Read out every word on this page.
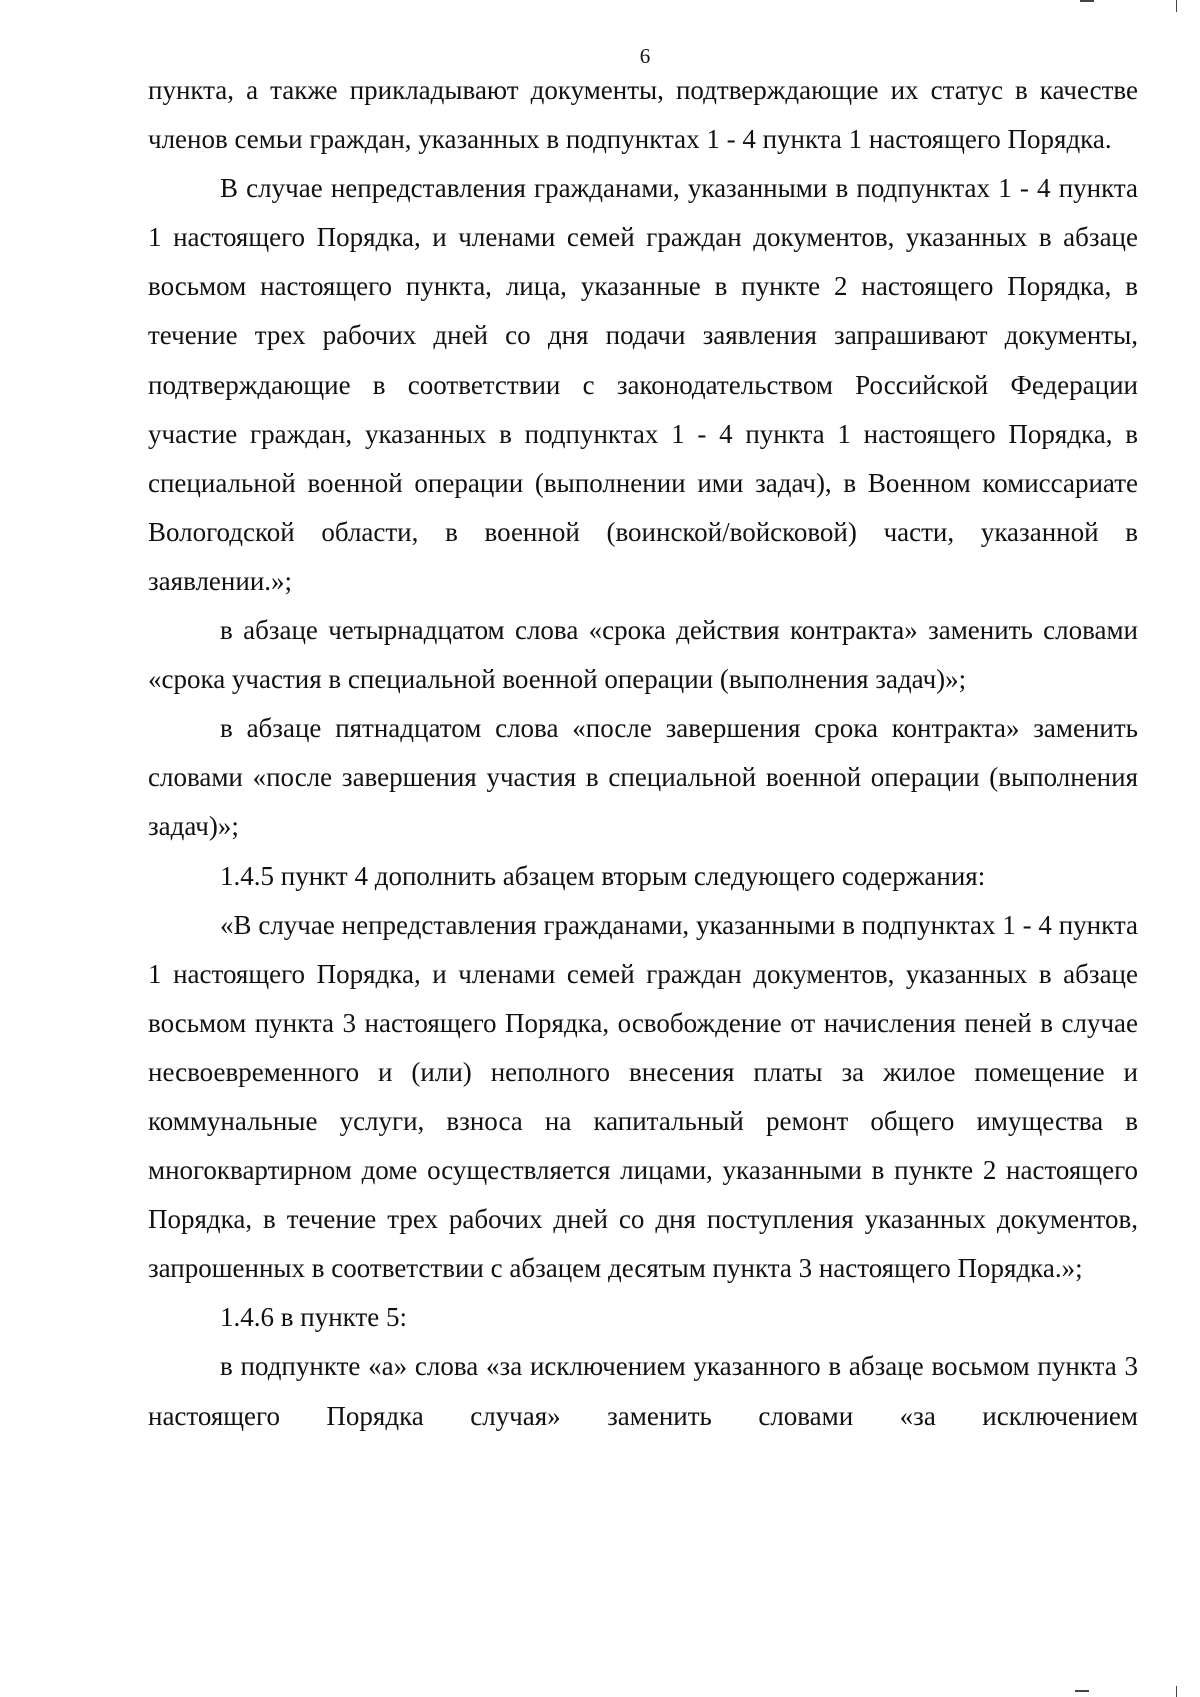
6

пункта, а также прикладывают документы, подтверждающие их статус в качестве членов семьи граждан, указанных в подпунктах 1 - 4 пункта 1 настоящего Порядка.

В случае непредставления гражданами, указанными в подпунктах 1 - 4 пункта 1 настоящего Порядка, и членами семей граждан документов, указанных в абзаце восьмом настоящего пункта, лица, указанные в пункте 2 настоящего Порядка, в течение трех рабочих дней со дня подачи заявления запрашивают документы, подтверждающие в соответствии с законодательством Российской Федерации участие граждан, указанных в подпунктах 1 - 4 пункта 1 настоящего Порядка, в специальной военной операции (выполнении ими задач), в Военном комиссариате Вологодской области, в военной (воинской/войсковой) части, указанной в заявлении.»;

в абзаце четырнадцатом слова «срока действия контракта» заменить словами «срока участия в специальной военной операции (выполнения задач)»;

в абзаце пятнадцатом слова «после завершения срока контракта» заменить словами «после завершения участия в специальной военной операции (выполнения задач)»;

1.4.5 пункт 4 дополнить абзацем вторым следующего содержания:

«В случае непредставления гражданами, указанными в подпунктах 1 - 4 пункта 1 настоящего Порядка, и членами семей граждан документов, указанных в абзаце восьмом пункта 3 настоящего Порядка, освобождение от начисления пеней в случае несвоевременного и (или) неполного внесения платы за жилое помещение и коммунальные услуги, взноса на капитальный ремонт общего имущества в многоквартирном доме осуществляется лицами, указанными в пункте 2 настоящего Порядка, в течение трех рабочих дней со дня поступления указанных документов, запрошенных в соответствии с абзацем десятым пункта 3 настоящего Порядка.»;

1.4.6 в пункте 5:

в подпункте «а» слова «за исключением указанного в абзаце восьмом пункта 3 настоящего Порядка случая» заменить словами «за исключением
